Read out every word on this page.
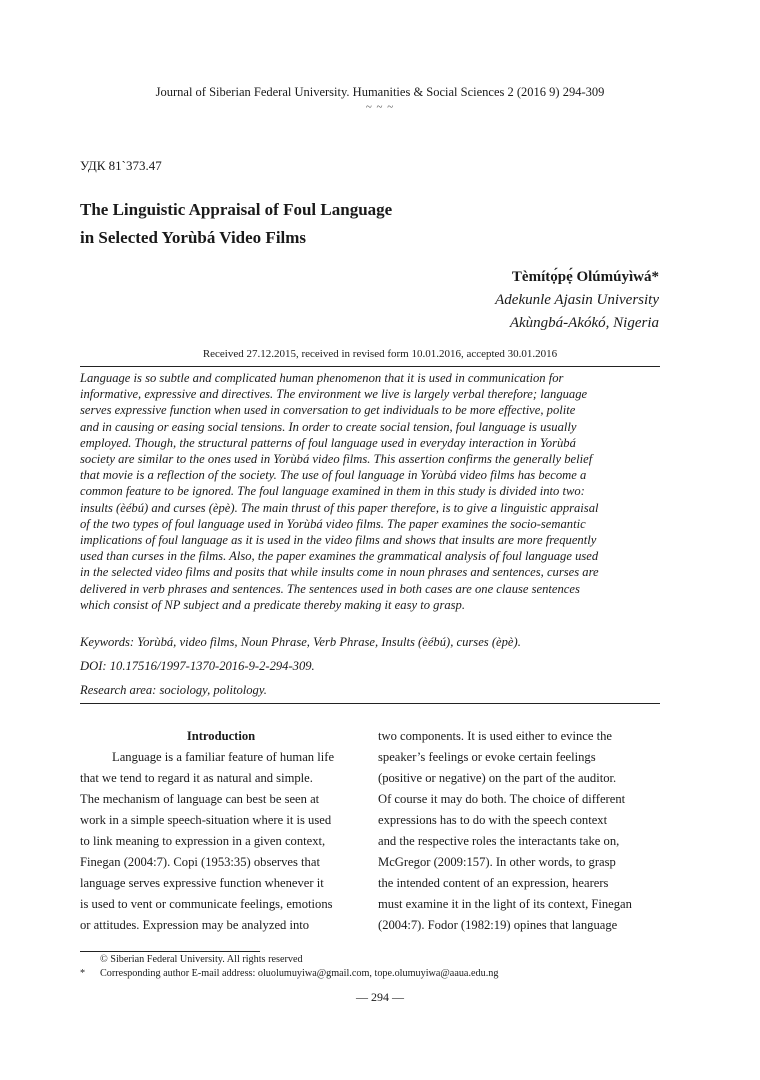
Journal of Siberian Federal University. Humanities & Social Sciences 2 (2016 9) 294-309
~ ~ ~
УДК 81`373.47
The Linguistic Appraisal of Foul Language
in Selected Yorùbá Video Films
Tèmítọ́pẹ́ Olúmúyìwá*
Adekunle Ajasin University
Akùngbá-Akókó, Nigeria
Received 27.12.2015, received in revised form 10.01.2016, accepted 30.01.2016
Language is so subtle and complicated human phenomenon that it is used in communication for
informative, expressive and directives. The environment we live is largely verbal therefore; language
serves expressive function when used in conversation to get individuals to be more effective, polite
and in causing or easing social tensions. In order to create social tension, foul language is usually
employed. Though, the structural patterns of foul language used in everyday interaction in Yorùbá
society are similar to the ones used in Yorùbá video films. This assertion confirms the generally belief
that movie is a reflection of the society. The use of foul language in Yorùbá video films has become a
common feature to be ignored. The foul language examined in them in this study is divided into two:
insults (èébú) and curses (èpè). The main thrust of this paper therefore, is to give a linguistic appraisal
of the two types of foul language used in Yorùbá video films. The paper examines the socio-semantic
implications of foul language as it is used in the video films and shows that insults are more frequently
used than curses in the films. Also, the paper examines the grammatical analysis of foul language used
in the selected video films and posits that while insults come in noun phrases and sentences, curses are
delivered in verb phrases and sentences. The sentences used in both cases are one clause sentences
which consist of NP subject and a predicate thereby making it easy to grasp.
Keywords: Yorùbá, video films, Noun Phrase, Verb Phrase, Insults (èébú), curses (èpè).
DOI: 10.17516/1997-1370-2016-9-2-294-309.
Research area: sociology, politology.
Introduction
Language is a familiar feature of human life
that we tend to regard it as natural and simple.
The mechanism of language can best be seen at
work in a simple speech-situation where it is used
to link meaning to expression in a given context,
Finegan (2004:7). Copi (1953:35) observes that
language serves expressive function whenever it
is used to vent or communicate feelings, emotions
or attitudes. Expression may be analyzed into
two components. It is used either to evince the
speaker’s feelings or evoke certain feelings
(positive or negative) on the part of the auditor.
Of course it may do both. The choice of different
expressions has to do with the speech context
and the respective roles the interactants take on,
McGregor (2009:157). In other words, to grasp
the intended content of an expression, hearers
must examine it in the light of its context, Finegan
(2004:7). Fodor (1982:19) opines that language
© Siberian Federal University. All rights reserved
* Corresponding author E-mail address: oluolumuyiwa@gmail.com, tope.olumuyiwa@aaua.edu.ng
— 294 —
